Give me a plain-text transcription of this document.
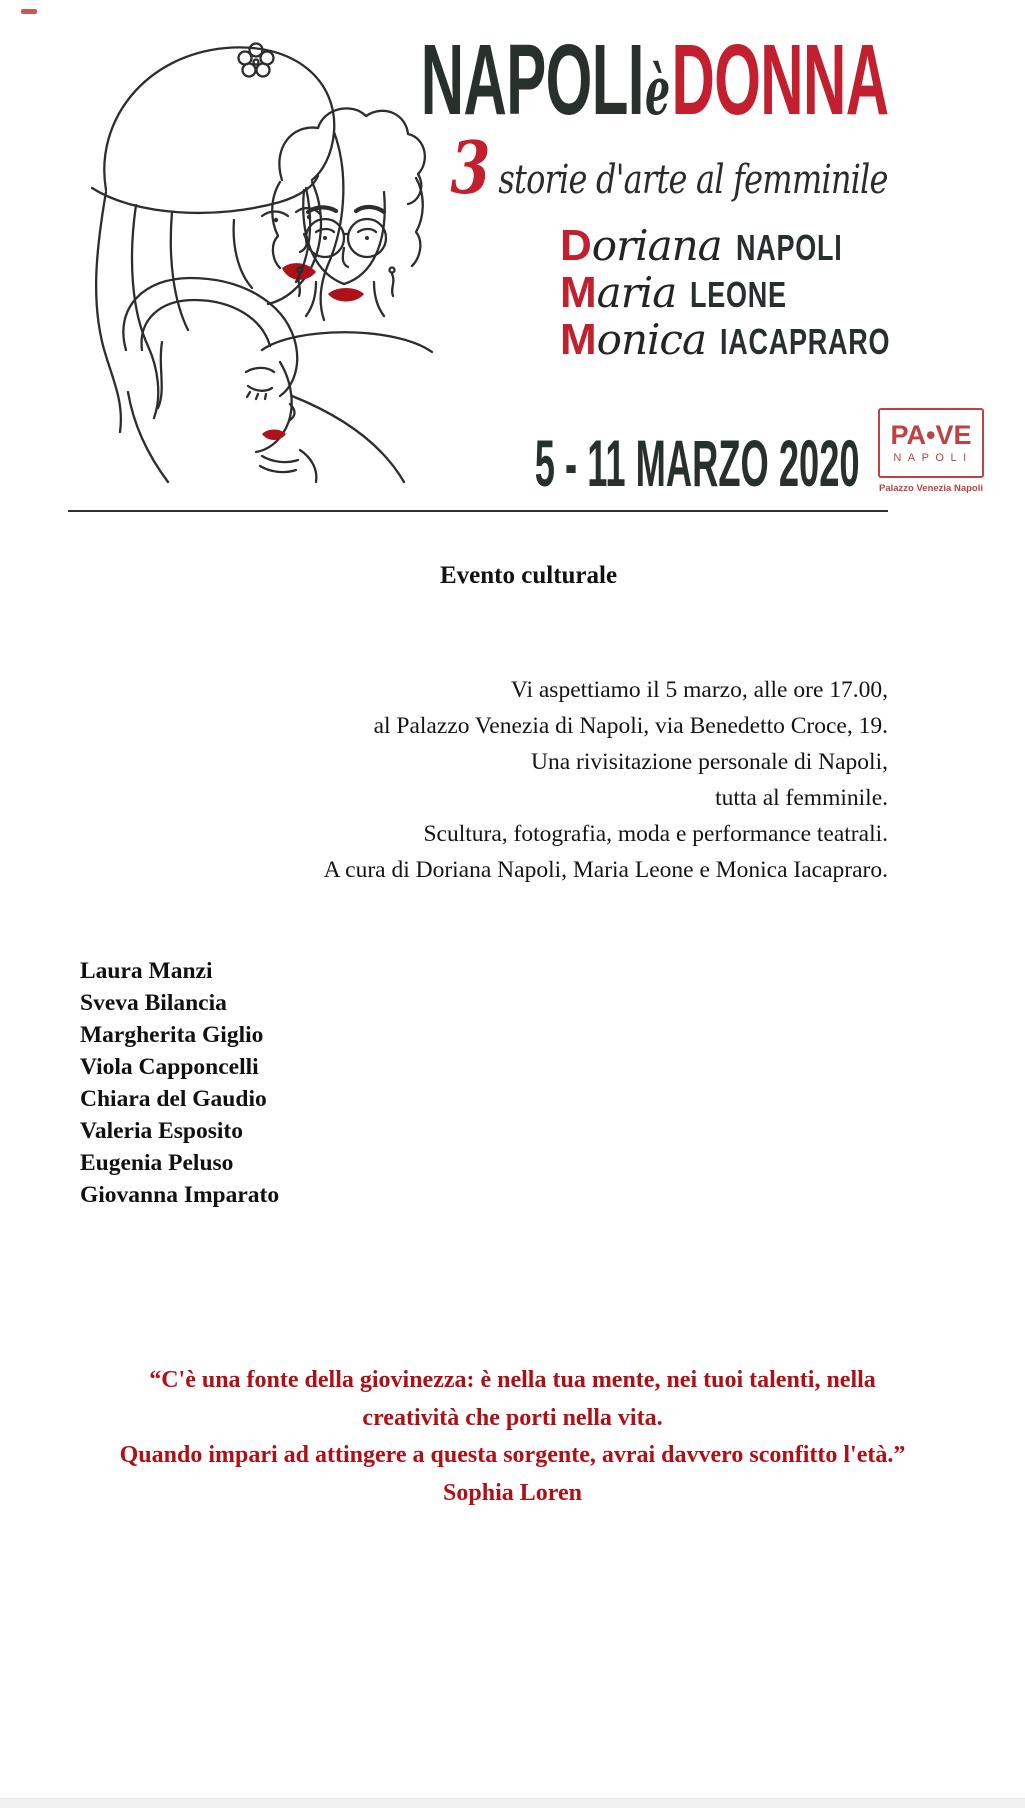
NAPOLI è DONNA
3 storie d'arte al femminile
D oriana NAPOLI
M aria LEONE
M onica IACAPRARO
5 - 11 MARZO 2020 PA•VE
NAPOLI
Palazzo Venezia Napoli
Evento culturale
Vi aspettiamo il 5 marzo, alle ore 17.00,
al Palazzo Venezia di Napoli, via Benedetto Croce, 19.
Una rivisitazione personale di Napoli,
tutta al femminile.
Scultura, fotografia, moda e performance teatrali.
A cura di Doriana Napoli, Maria Leone e Monica Iacapraro.
Laura Manzi
Sveva Bilancia
Margherita Giglio
Viola Capponcelli
Chiara del Gaudio
Valeria Esposito
Eugenia Peluso
Giovanna Imparato
“C'è una fonte della giovinezza: è nella tua mente, nei tuoi talenti, nella
creatività che porti nella vita.
Quando impari ad attingere a questa sorgente, avrai davvero sconfitto l'età.”
Sophia Loren
